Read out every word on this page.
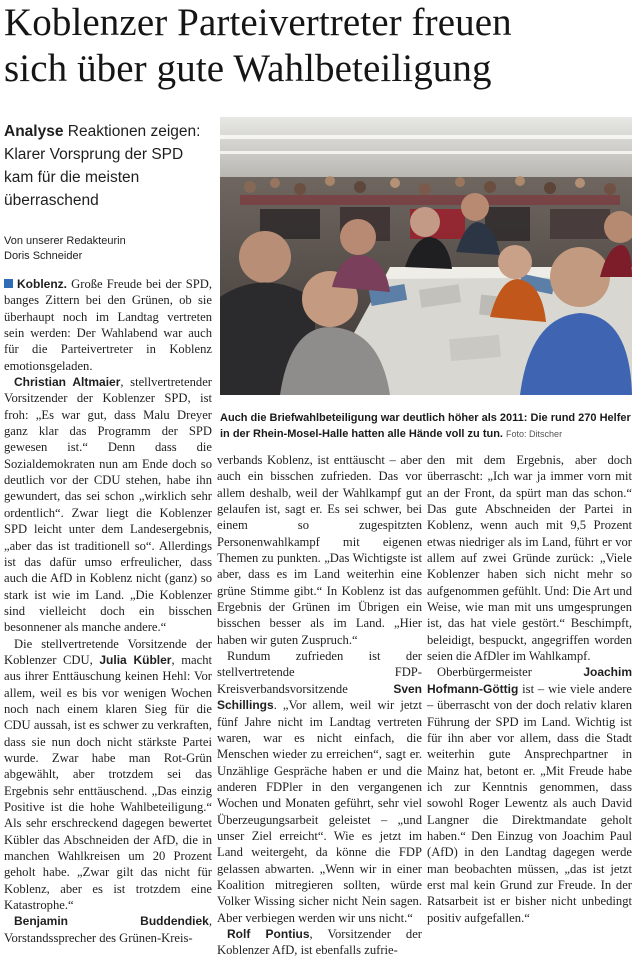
Koblenzer Parteivertreter freuen
sich über gute Wahlbeteiligung
Analyse Reaktionen zeigen: Klarer Vorsprung der SPD kam für die meisten überraschend
Von unserer Redakteurin
Doris Schneider
Auch die Briefwahlbeteiligung war deutlich höher als 2011: Die rund 270 Helfer in der Rhein-Mosel-Halle hatten alle Hände voll zu tun. Foto: Ditscher

Koblenz. Große Freude bei der SPD, banges Zittern bei den Grünen, ob sie überhaupt noch im Landtag vertreten sein werden: Der Wahlabend war auch für die Parteivertreter in Koblenz emotionsgeladen.

Christian Altmaier, stellvertretender Vorsitzender der Koblenzer SPD, ist froh: „Es war gut, dass Malu Dreyer ganz klar das Programm der SPD gewesen ist.“ Denn dass die Sozialdemokraten nun am Ende doch so deutlich vor der CDU stehen, habe ihn gewundert, das sei schon „wirklich sehr ordentlich“. Zwar liegt die Koblenzer SPD leicht unter dem Landesergebnis, „aber das ist traditionell so“. Allerdings ist das dafür umso erfreulicher, dass auch die AfD in Koblenz nicht (ganz) so stark ist wie im Land. „Die Koblenzer sind vielleicht doch ein bisschen besonnener als manche andere.“

Die stellvertretende Vorsitzende der Koblenzer CDU, Julia Kübler, macht aus ihrer Enttäuschung keinen Hehl: Vor allem, weil es bis vor wenigen Wochen noch nach einem klaren Sieg für die CDU aussah, ist es schwer zu verkraften, dass sie nun doch nicht stärkste Partei wurde. Zwar habe man Rot-Grün abgewählt, aber trotzdem sei das Ergebnis sehr enttäuschend. „Das einzig Positive ist die hohe Wahlbeteiligung.“ Als sehr erschreckend dagegen bewertet Kübler das Abschneiden der AfD, die in manchen Wahlkreisen um 20 Prozent geholt habe. „Zwar gilt das nicht für Koblenz, aber es ist trotzdem eine Katastrophe.“

Benjamin Buddendiek, Vorstandssprecher des Grünen-Kreis-

verbands Koblenz, ist enttäuscht – aber auch ein bisschen zufrieden. Das vor allem deshalb, weil der Wahlkampf gut gelaufen ist, sagt er. Es sei schwer, bei einem so zugespitzten Personenwahlkampf mit eigenen Themen zu punkten. „Das Wichtigste ist aber, dass es im Land weiterhin eine grüne Stimme gibt.“ In Koblenz ist das Ergebnis der Grünen im Übrigen ein bisschen besser als im Land. „Hier haben wir guten Zuspruch.“

Rundum zufrieden ist der stellvertretende FDP-Kreisverbandsvorsitzende Sven Schillings. „Vor allem, weil wir jetzt fünf Jahre nicht im Landtag vertreten waren, war es nicht einfach, die Menschen wieder zu erreichen“, sagt er. Unzählige Gespräche haben er und die anderen FDPler in den vergangenen Wochen und Monaten geführt, sehr viel Überzeugungsarbeit geleistet – „und unser Ziel erreicht“. Wie es jetzt im Land weitergeht, da könne die FDP gelassen abwarten. „Wenn wir in einer Koalition mitregieren sollten, würde Volker Wissing sicher nicht Nein sagen. Aber verbiegen werden wir uns nicht.“

Rolf Pontius, Vorsitzender der Koblenzer AfD, ist ebenfalls zufrie-

den mit dem Ergebnis, aber doch überrascht: „Ich war ja immer vorn mit an der Front, da spürt man das schon.“ Das gute Abschneiden der Partei in Koblenz, wenn auch mit 9,5 Prozent etwas niedriger als im Land, führt er vor allem auf zwei Gründe zurück: „Viele Koblenzer haben sich nicht mehr so aufgenommen gefühlt. Und: Die Art und Weise, wie man mit uns umgesprungen ist, das hat viele gestört.“ Beschimpft, beleidigt, bespuckt, angegriffen worden seien die AfDler im Wahlkampf.

Oberbürgermeister Joachim Hofmann-Göttig ist – wie viele andere – überrascht von der doch relativ klaren Führung der SPD im Land. Wichtig ist für ihn aber vor allem, dass die Stadt weiterhin gute Ansprechpartner in Mainz hat, betont er. „Mit Freude habe ich zur Kenntnis genommen, dass sowohl Roger Lewentz als auch David Langner die Direktmandate geholt haben.“ Den Einzug von Joachim Paul (AfD) in den Landtag dagegen werde man beobachten müssen, „das ist jetzt erst mal kein Grund zur Freude. In der Ratsarbeit ist er bisher nicht unbedingt positiv aufgefallen.“
